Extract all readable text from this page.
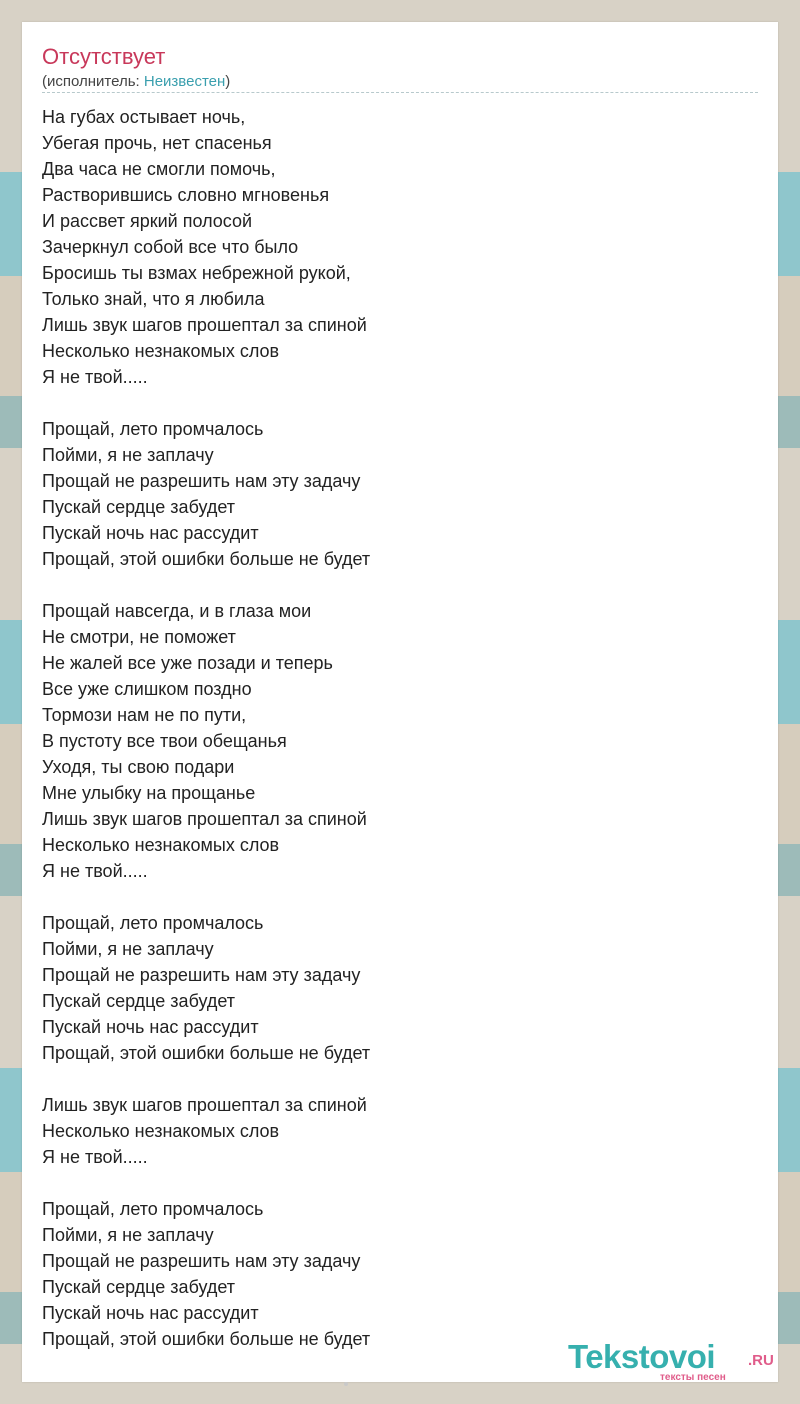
Отсутствует
(исполнитель: Неизвестен)
На губах остывает ночь,
Убегая прочь, нет спасенья
Два часа не смогли помочь,
Растворившись словно мгновенья
И рассвет яркий полосой
Зачеркнул собой все что было
Бросишь ты взмах небрежной рукой,
Только знай, что я любила
Лишь звук шагов прошептал за спиной
Несколько незнакомых слов
Я не твой.....

Прощай, лето промчалось
Пойми, я не заплачу
Прощай не разрешить нам эту задачу
Пускай сердце забудет
Пускай ночь нас рассудит
Прощай, этой ошибки больше не будет

Прощай навсегда, и в глаза мои
Не смотри, не поможет
Не жалей все уже позади и теперь
Все уже слишком поздно
Тормози нам не по пути,
В пустоту все твои обещанья
Уходя, ты свою подари
Мне улыбку на прощанье
Лишь звук шагов прошептал за спиной
Несколько незнакомых слов
Я не твой.....

Прощай, лето промчалось
Пойми, я не заплачу
Прощай не разрешить нам эту задачу
Пускай сердце забудет
Пускай ночь нас рассудит
Прощай, этой ошибки больше не будет

Лишь звук шагов прошептал за спиной
Несколько незнакомых слов
Я не твой.....

Прощай, лето промчалось
Пойми, я не заплачу
Прощай не разрешить нам эту задачу
Пускай сердце забудет
Пускай ночь нас рассудит
Прощай, этой ошибки больше не будет	Tekstovoi .RU
тексты песен
